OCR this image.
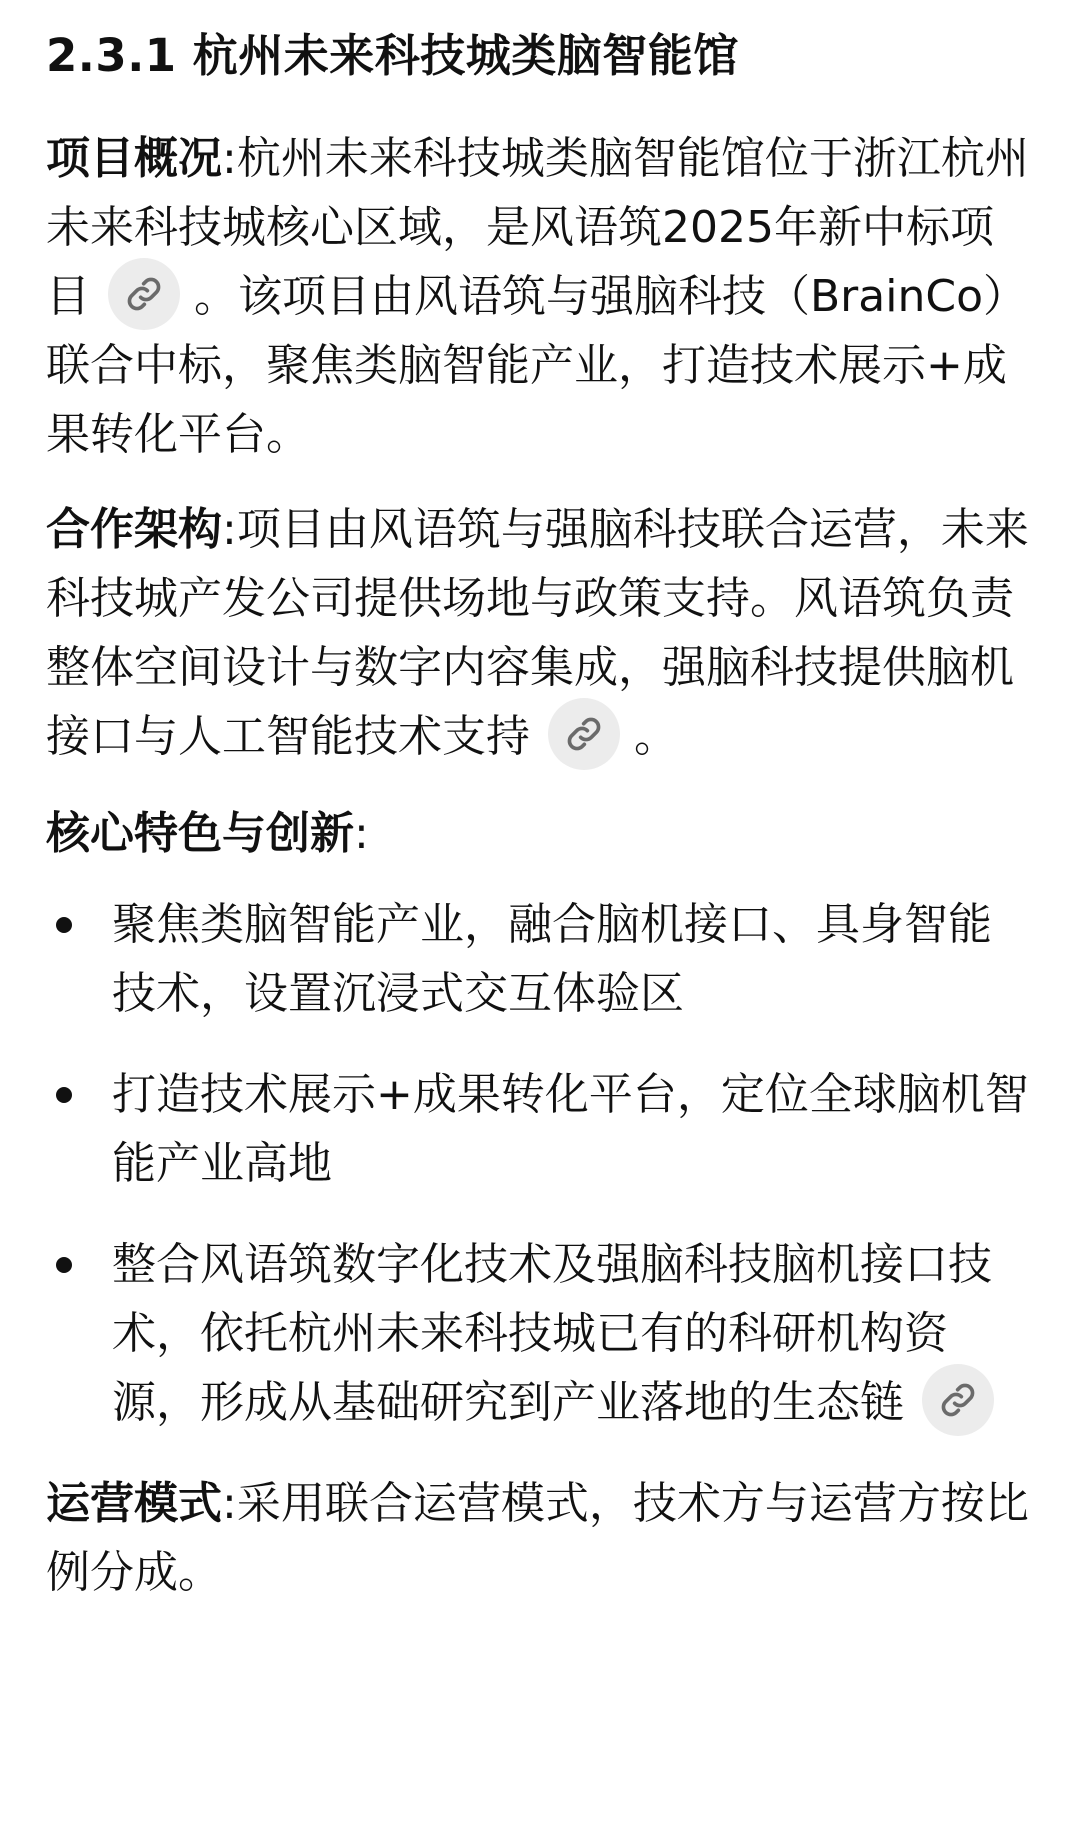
2.3.1 杭州未来科技城类脑智能馆

项目概况:杭州未来科技城类脑智能馆位于浙江杭州未来科技城核心区域，是风语筑2025年新中标项目 。该项目由风语筑与强脑科技（BrainCo）联合中标，聚焦类脑智能产业，打造技术展示+成果转化平台。

合作架构:项目由风语筑与强脑科技联合运营，未来科技城产发公司提供场地与政策支持。风语筑负责整体空间设计与数字内容集成，强脑科技提供脑机接口与人工智能技术支持 。

核心特色与创新:

聚焦类脑智能产业，融合脑机接口、具身智能技术，设置沉浸式交互体验区
打造技术展示+成果转化平台，定位全球脑机智能产业高地
整合风语筑数字化技术及强脑科技脑机接口技术，依托杭州未来科技城已有的科研机构资源，形成从基础研究到产业落地的生态链

运营模式:采用联合运营模式，技术方与运营方按比例分成。
